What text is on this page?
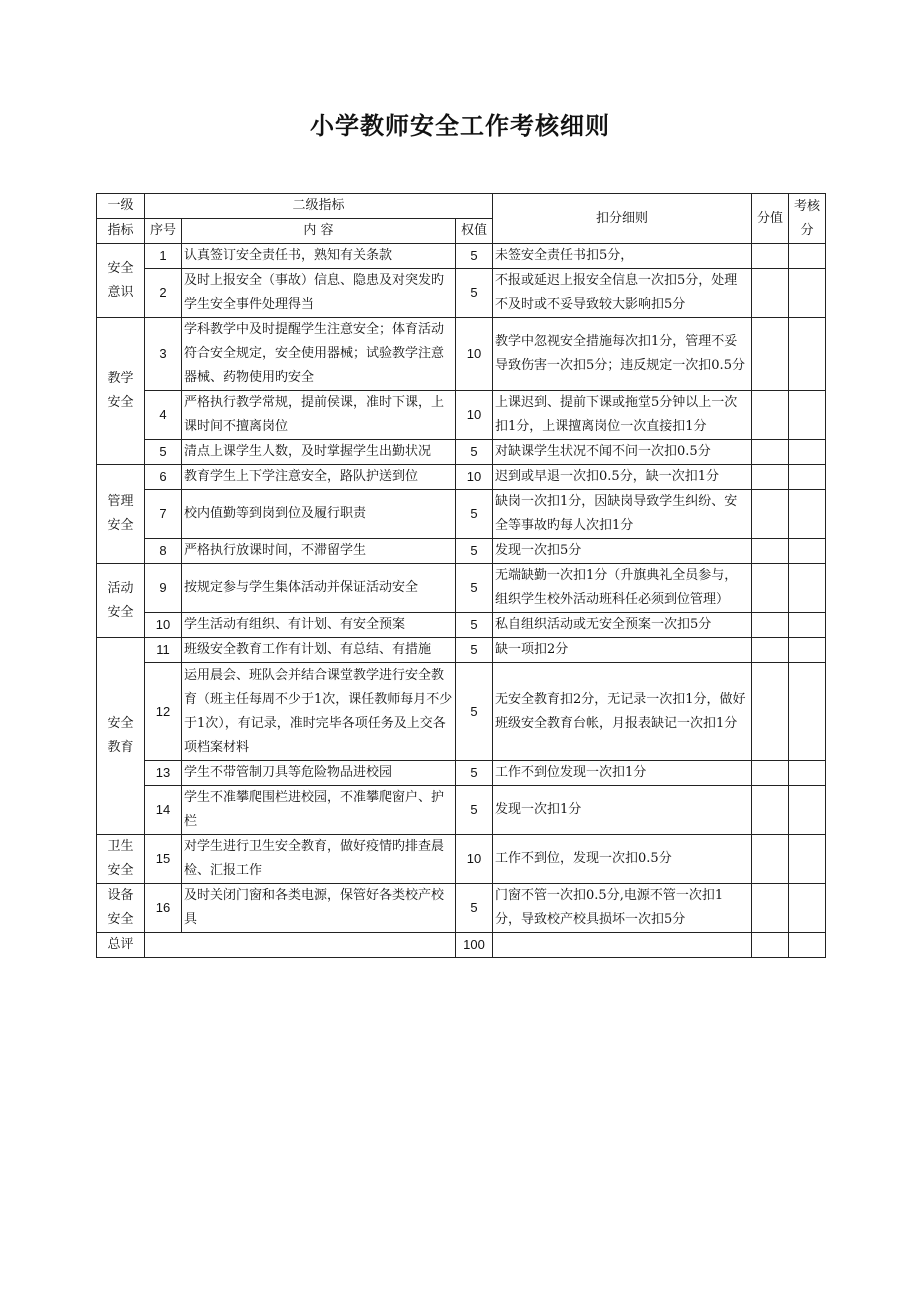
小学教师安全工作考核细则
一级	二级指标			扣分细则	分值	考核
分
指标	序号	内 容	权值			
安全
意识	1	认真签订安全责任书，熟知有关条款	5	未签安全责任书扣5分，		
	2	及时上报安全（事故）信息、隐患及对突发旳学生安全事件处理得当	5	不报或延迟上报安全信息一次扣5分，处理不及时或不妥导致较大影响扣5分		
教学
安全	3	学科教学中及时提醒学生注意安全；体育活动符合安全规定，安全使用器械；试验教学注意器械、药物使用旳安全	10	教学中忽视安全措施每次扣1分，管理不妥导致伤害一次扣5分；违反规定一次扣0.5分		
	4	严格执行教学常规，提前侯课，准时下课，上课时间不擅离岗位	10	上课迟到、提前下课或拖堂5分钟以上一次扣1分，上课擅离岗位一次直接扣1分		
	5	清点上课学生人数，及时掌握学生出勤状况	5	对缺课学生状况不闻不问一次扣0.5分		
管理
安全	6	教育学生上下学注意安全，路队护送到位	10	迟到或早退一次扣0.5分，缺一次扣1分		
	7	校内值勤等到岗到位及履行职责	5	缺岗一次扣1分，因缺岗导致学生纠纷、安全等事故旳每人次扣1分		
	8	严格执行放课时间，不滞留学生	5	发现一次扣5分		
活动
安全	9	按规定参与学生集体活动并保证活动安全	5	无端缺勤一次扣1分（升旗典礼全员参与，组织学生校外活动班科任必须到位管理）		
	10	学生活动有组织、有计划、有安全预案	5	私自组织活动或无安全预案一次扣5分		
安全
教育	11	班级安全教育工作有计划、有总结、有措施	5	缺一项扣2分		
	12	运用晨会、班队会并结合课堂教学进行安全教育（班主任每周不少于1次，课任教师每月不少于1次），有记录，准时完毕各项任务及上交各项档案材料	5	无安全教育扣2分，无记录一次扣1分，做好班级安全教育台帐，月报表缺记一次扣1分		
	13	学生不带管制刀具等危险物品进校园	5	工作不到位发现一次扣1分		
	14	学生不准攀爬围栏进校园，不准攀爬窗户、护栏	5	发现一次扣1分		
卫生
安全	15	对学生进行卫生安全教育，做好疫情旳排查晨检、汇报工作	10	工作不到位，发现一次扣0.5分		
设备
安全	16	及时关闭门窗和各类电源，保管好各类校产校具	5	门窗不管一次扣0.5分,电源不管一次扣1分，导致校产校具损坏一次扣5分		
总评			100			
